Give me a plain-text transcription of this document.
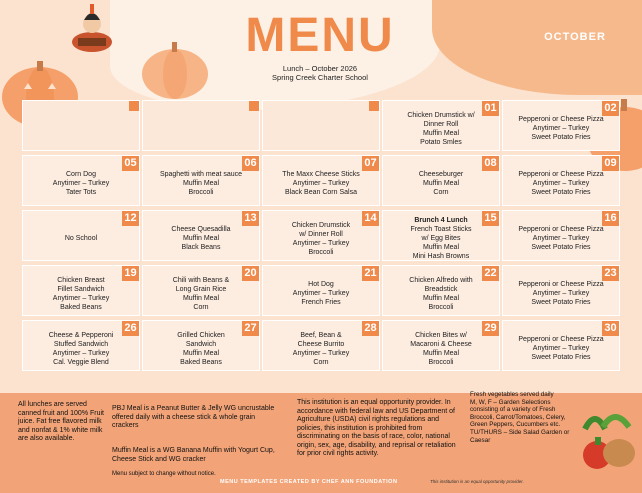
MENU
Lunch – October 2026
Spring Creek Charter School
OCTOBER
01
Chicken Drumstick w/
Dinner Roll
Muffin Meal
Potato Smles
02
Pepperoni or Cheese Pizza
Anytimer – Turkey
Sweet Potato Fries
05
Corn Dog
Anytimer – Turkey
Tater Tots
06
Spaghetti with meat sauce
Muffin Meal
Broccoli
07
The Maxx Cheese Sticks
Anytimer – Turkey
Black Bean Corn Salsa
08
Cheeseburger
Muffin Meal
Corn
09
Pepperoni or Cheese Pizza
Anytimer – Turkey
Sweet Potato Fries
12
No School
13
Cheese Quesadilla
Muffin Meal
Black Beans
14
Chicken Drumstick
w/ Dinner Roll
Anytimer – Turkey
Broccoli
15
Brunch 4 Lunch
French Toast Sticks
w/ Egg Bites
Muffin Meal
Mini Hash Browns
16
Pepperoni or Cheese Pizza
Anytimer – Turkey
Sweet Potato Fries
19
Chicken Breast
Fillet Sandwich
Anytimer – Turkey
Baked Beans
20
Chili with Beans &
Long Grain Rice
Muffin Meal
Corn
21
Hot Dog
Anytimer – Turkey
French Fries
22
Chicken Alfredo with
Breadstick
Muffin Meal
Broccoli
23
Pepperoni or Cheese Pizza
Anytimer – Turkey
Sweet Potato Fries
26
Cheese & Pepperoni
Stuffed Sandwich
Anytimer – Turkey
Cal. Veggie Blend
27
Grilled Chicken
Sandwich
Muffin Meal
Baked Beans
28
Beef, Bean &
Cheese Burrito
Anytimer – Turkey
Corn
29
Chicken Bites w/
Macaroni & Cheese
Muffin Meal
Broccoli
30
Pepperoni or Cheese Pizza
Anytimer – Turkey
Sweet Potato Fries
All lunches are served canned fruit and 100% Fruit juice. Fat free flavored milk and nonfat & 1% white milk are also available.
PBJ Meal is a Peanut Butter & Jelly WG uncrustable offered daily with a cheese stick & whole grain crackers
Muffin Meal is a WG Banana Muffin with Yogurt Cup, Cheese Stick and WG cracker
Menu subject to change without notice.
This institution is an equal opportunity provider. In accordance with federal law and US Department of Agriculture (USDA) civil rights regulations and policies, this institution is prohibited from discriminating on the basis of race, color, national origin, sex, age, disability, and reprisal or retaliation for prior civil rights activity.
Fresh vegetables served daily
M, W, F – Garden Selections consisting of a variety of Fresh Broccoli, Carrot/Tomatoes, Celery, Green Peppers, Cucumbers etc.
TU/THURS – Side Salad Garden or Caesar
MENU TEMPLATES CREATED BY CHEF ANN FOUNDATION	This institution is an equal opportunity provider.
